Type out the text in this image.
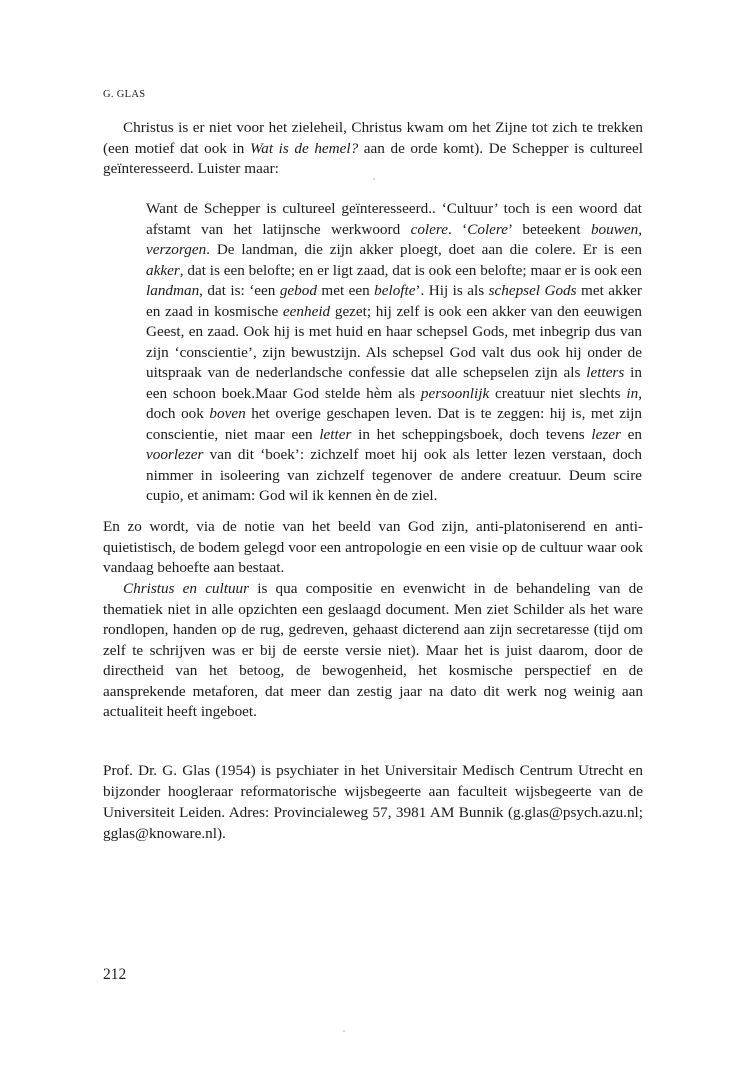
G. GLAS

Christus is er niet voor het zieleheil, Christus kwam om het Zijne tot zich te trekken (een motief dat ook in Wat is de hemel? aan de orde komt). De Schepper is cultureel geïnteresseerd. Luister maar:

Want de Schepper is cultureel geïnteresseerd.. ‘Cultuur’ toch is een woord dat afstamt van het latijnsche werkwoord colere. ‘Colere’ beteekent bouwen, verzorgen. De landman, die zijn akker ploegt, doet aan die colere. Er is een akker, dat is een belofte; en er ligt zaad, dat is ook een belofte; maar er is ook een landman, dat is: ‘een gebod met een belofte’. Hij is als schepsel Gods met akker en zaad in kosmische eenheid gezet; hij zelf is ook een akker van den eeuwigen Geest, en zaad. Ook hij is met huid en haar schepsel Gods, met inbegrip dus van zijn ‘conscientie’, zijn bewustzijn. Als schepsel God valt dus ook hij onder de uitspraak van de nederlandsche confessie dat alle schepselen zijn als letters in een schoon boek.Maar God stelde hèm als persoonlijk creatuur niet slechts in, doch ook boven het overige geschapen leven. Dat is te zeggen: hij is, met zijn conscientie, niet maar een letter in het scheppingsboek, doch tevens lezer en voorlezer van dit ‘boek’: zichzelf moet hij ook als letter lezen verstaan, doch nimmer in isoleering van zichzelf tegenover de andere creatuur. Deum scire cupio, et animam: God wil ik kennen èn de ziel.

En zo wordt, via de notie van het beeld van God zijn, anti-platoniserend en anti-quietistisch, de bodem gelegd voor een antropologie en een visie op de cultuur waar ook vandaag behoefte aan bestaat.

Christus en cultuur is qua compositie en evenwicht in de behandeling van de thematiek niet in alle opzichten een geslaagd document. Men ziet Schilder als het ware rondlopen, handen op de rug, gedreven, gehaast dicterend aan zijn secretaresse (tijd om zelf te schrijven was er bij de eerste versie niet). Maar het is juist daarom, door de directheid van het betoog, de bewogenheid, het kosmische perspectief en de aansprekende metaforen, dat meer dan zestig jaar na dato dit werk nog weinig aan actualiteit heeft ingeboet.

Prof. Dr. G. Glas (1954) is psychiater in het Universitair Medisch Centrum Utrecht en bijzonder hoogleraar reformatorische wijsbegeerte aan faculteit wijsbegeerte van de Universiteit Leiden. Adres: Provincialeweg 57, 3981 AM Bunnik (g.glas@psych.azu.nl; gglas@knoware.nl).

212
